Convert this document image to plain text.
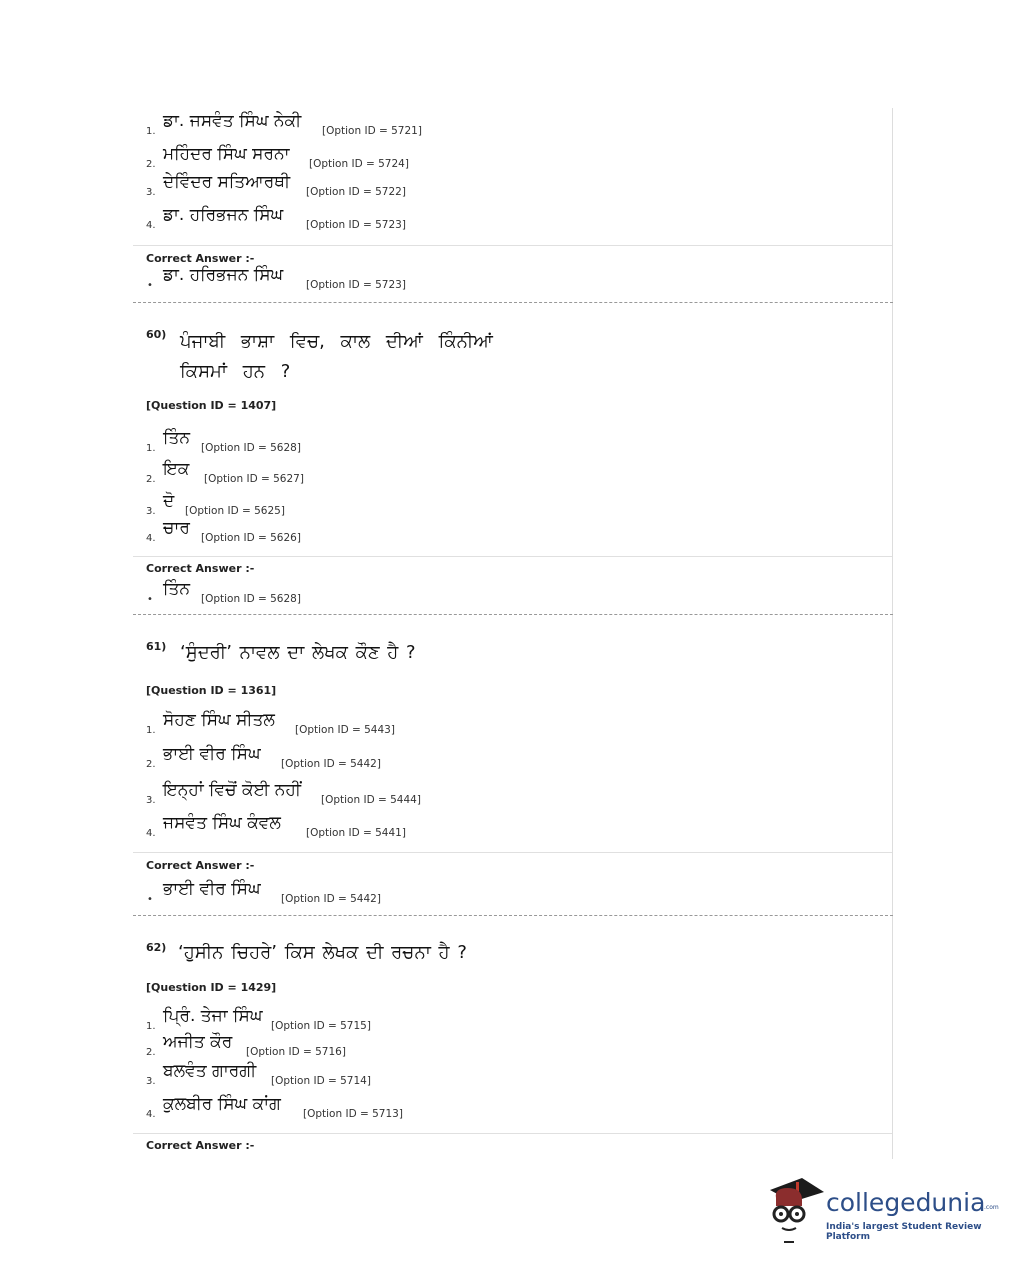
1.
ਡਾ. ਜਸਵੰਤ ਸਿੰਘ ਨੇਕੀ [Option ID = 5721]
2.
ਮਹਿੰਦਰ ਸਿੰਘ ਸਰਨਾ [Option ID = 5724]
3.
ਦੇਵਿੰਦਰ ਸਤਿਆਰਥੀ [Option ID = 5722]
4.
ਡਾ. ਹਰਿਭਜਨ ਸਿੰਘ [Option ID = 5723]
Correct Answer :-
•
ਡਾ. ਹਰਿਭਜਨ ਸਿੰਘ [Option ID = 5723]
60) ਪੰਜਾਬੀ ਭਾਸ਼ਾ ਵਿਚ, ਕਾਲ ਦੀਆਂ ਕਿੰਨੀਆਂ
ਕਿਸਮਾਂ ਹਨ ?
[Question ID = 1407]
1.
ਤਿੰਨ [Option ID = 5628]
2.
ਇਕ [Option ID = 5627]
3.
ਦੋ [Option ID = 5625]
4.
ਚਾਰ [Option ID = 5626]
Correct Answer :-
•
ਤਿੰਨ [Option ID = 5628]
61) ‘ਸੁੰਦਰੀ’ ਨਾਵਲ ਦਾ ਲੇਖਕ ਕੌਣ ਹੈ ?
[Question ID = 1361]
1.
ਸੋਹਣ ਸਿੰਘ ਸੀਤਲ [Option ID = 5443]
2.
ਭਾਈ ਵੀਰ ਸਿੰਘ [Option ID = 5442]
3.
ਇਨ੍ਹਾਂ ਵਿਚੋਂ ਕੋਈ ਨਹੀਂ [Option ID = 5444]
4.
ਜਸਵੰਤ ਸਿੰਘ ਕੰਵਲ [Option ID = 5441]
Correct Answer :-
•
ਭਾਈ ਵੀਰ ਸਿੰਘ [Option ID = 5442]
62) ‘ਹੁਸੀਨ ਚਿਹਰੇ’ ਕਿਸ ਲੇਖਕ ਦੀ ਰਚਨਾ ਹੈ ?
[Question ID = 1429]
1.
ਪ੍ਰਿੰ. ਤੇਜਾ ਸਿੰਘ [Option ID = 5715]
2.
ਅਜੀਤ ਕੌਰ [Option ID = 5716]
3.
ਬਲਵੰਤ ਗਾਰਗੀ [Option ID = 5714]
4.
ਕੁਲਬੀਰ ਸਿੰਘ ਕਾਂਗ [Option ID = 5713]
Correct Answer :-
collegedunia
.com
India's largest Student Review Platform
